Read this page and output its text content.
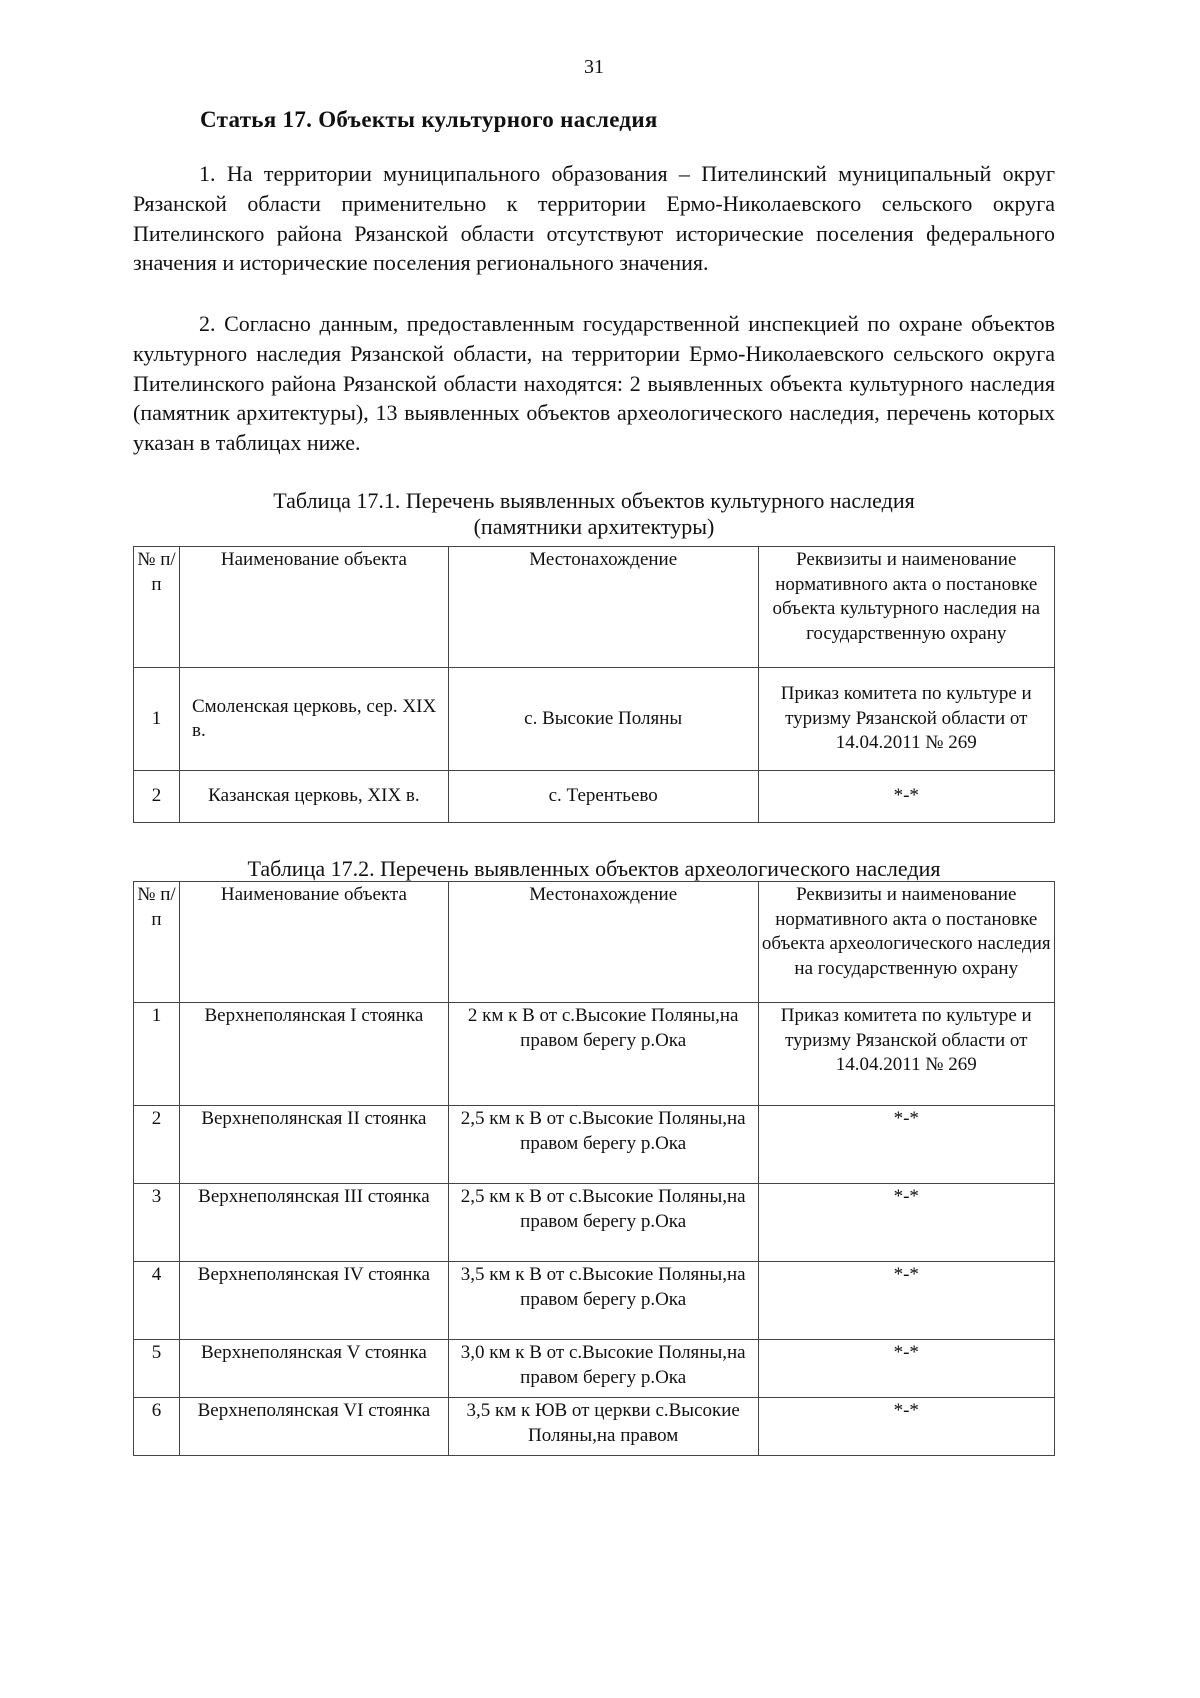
31
Статья 17. Объекты культурного наследия

1. На территории муниципального образования – Пителинский муниципальный округ Рязанской области применительно к территории Ермо-Николаевского сельского округа Пителинского района Рязанской области отсутствуют исторические поселения федерального значения и исторические поселения регионального значения.

2. Согласно данным, предоставленным государственной инспекцией по охране объектов культурного наследия Рязанской области, на территории Ермо-Николаевского сельского округа Пителинского района Рязанской области находятся: 2 выявленных объекта культурного наследия (памятник архитектуры), 13 выявленных объектов археологического наследия, перечень которых указан в таблицах ниже.

Таблица 17.1. Перечень выявленных объектов культурного наследия
(памятники архитектуры)
№ п/п	Наименование объекта	Местонахождение	Реквизиты и наименование нормативного акта о постановке объекта культурного наследия на государственную охрану
1	Смоленская церковь, сер. XIX в.	с. Высокие Поляны	Приказ комитета по культуре и туризму Рязанской области от 14.04.2011 № 269
2	Казанская церковь, XIX в.	с. Терентьево	*-*
Таблица 17.2. Перечень выявленных объектов археологического наследия
№ п/п	Наименование объекта	Местонахождение	Реквизиты и наименование нормативного акта о постановке объекта археологического наследия на государственную охрану
1	Верхнеполянская I стоянка	2 км к В от с.Высокие Поляны,на правом берегу р.Ока	Приказ комитета по культуре и туризму Рязанской области от 14.04.2011 № 269
2	Верхнеполянская II стоянка	2,5 км к В от с.Высокие Поляны,на правом берегу р.Ока	*-*
3	Верхнеполянская III стоянка	2,5 км к В от с.Высокие Поляны,на правом берегу р.Ока	*-*
4	Верхнеполянская IV стоянка	3,5 км к В от с.Высокие Поляны,на правом берегу р.Ока	*-*
5	Верхнеполянская V стоянка	3,0 км к В от с.Высокие Поляны,на правом берегу р.Ока	*-*
6	Верхнеполянская VI стоянка	3,5 км к ЮВ от церкви с.Высокие Поляны,на правом	*-*
